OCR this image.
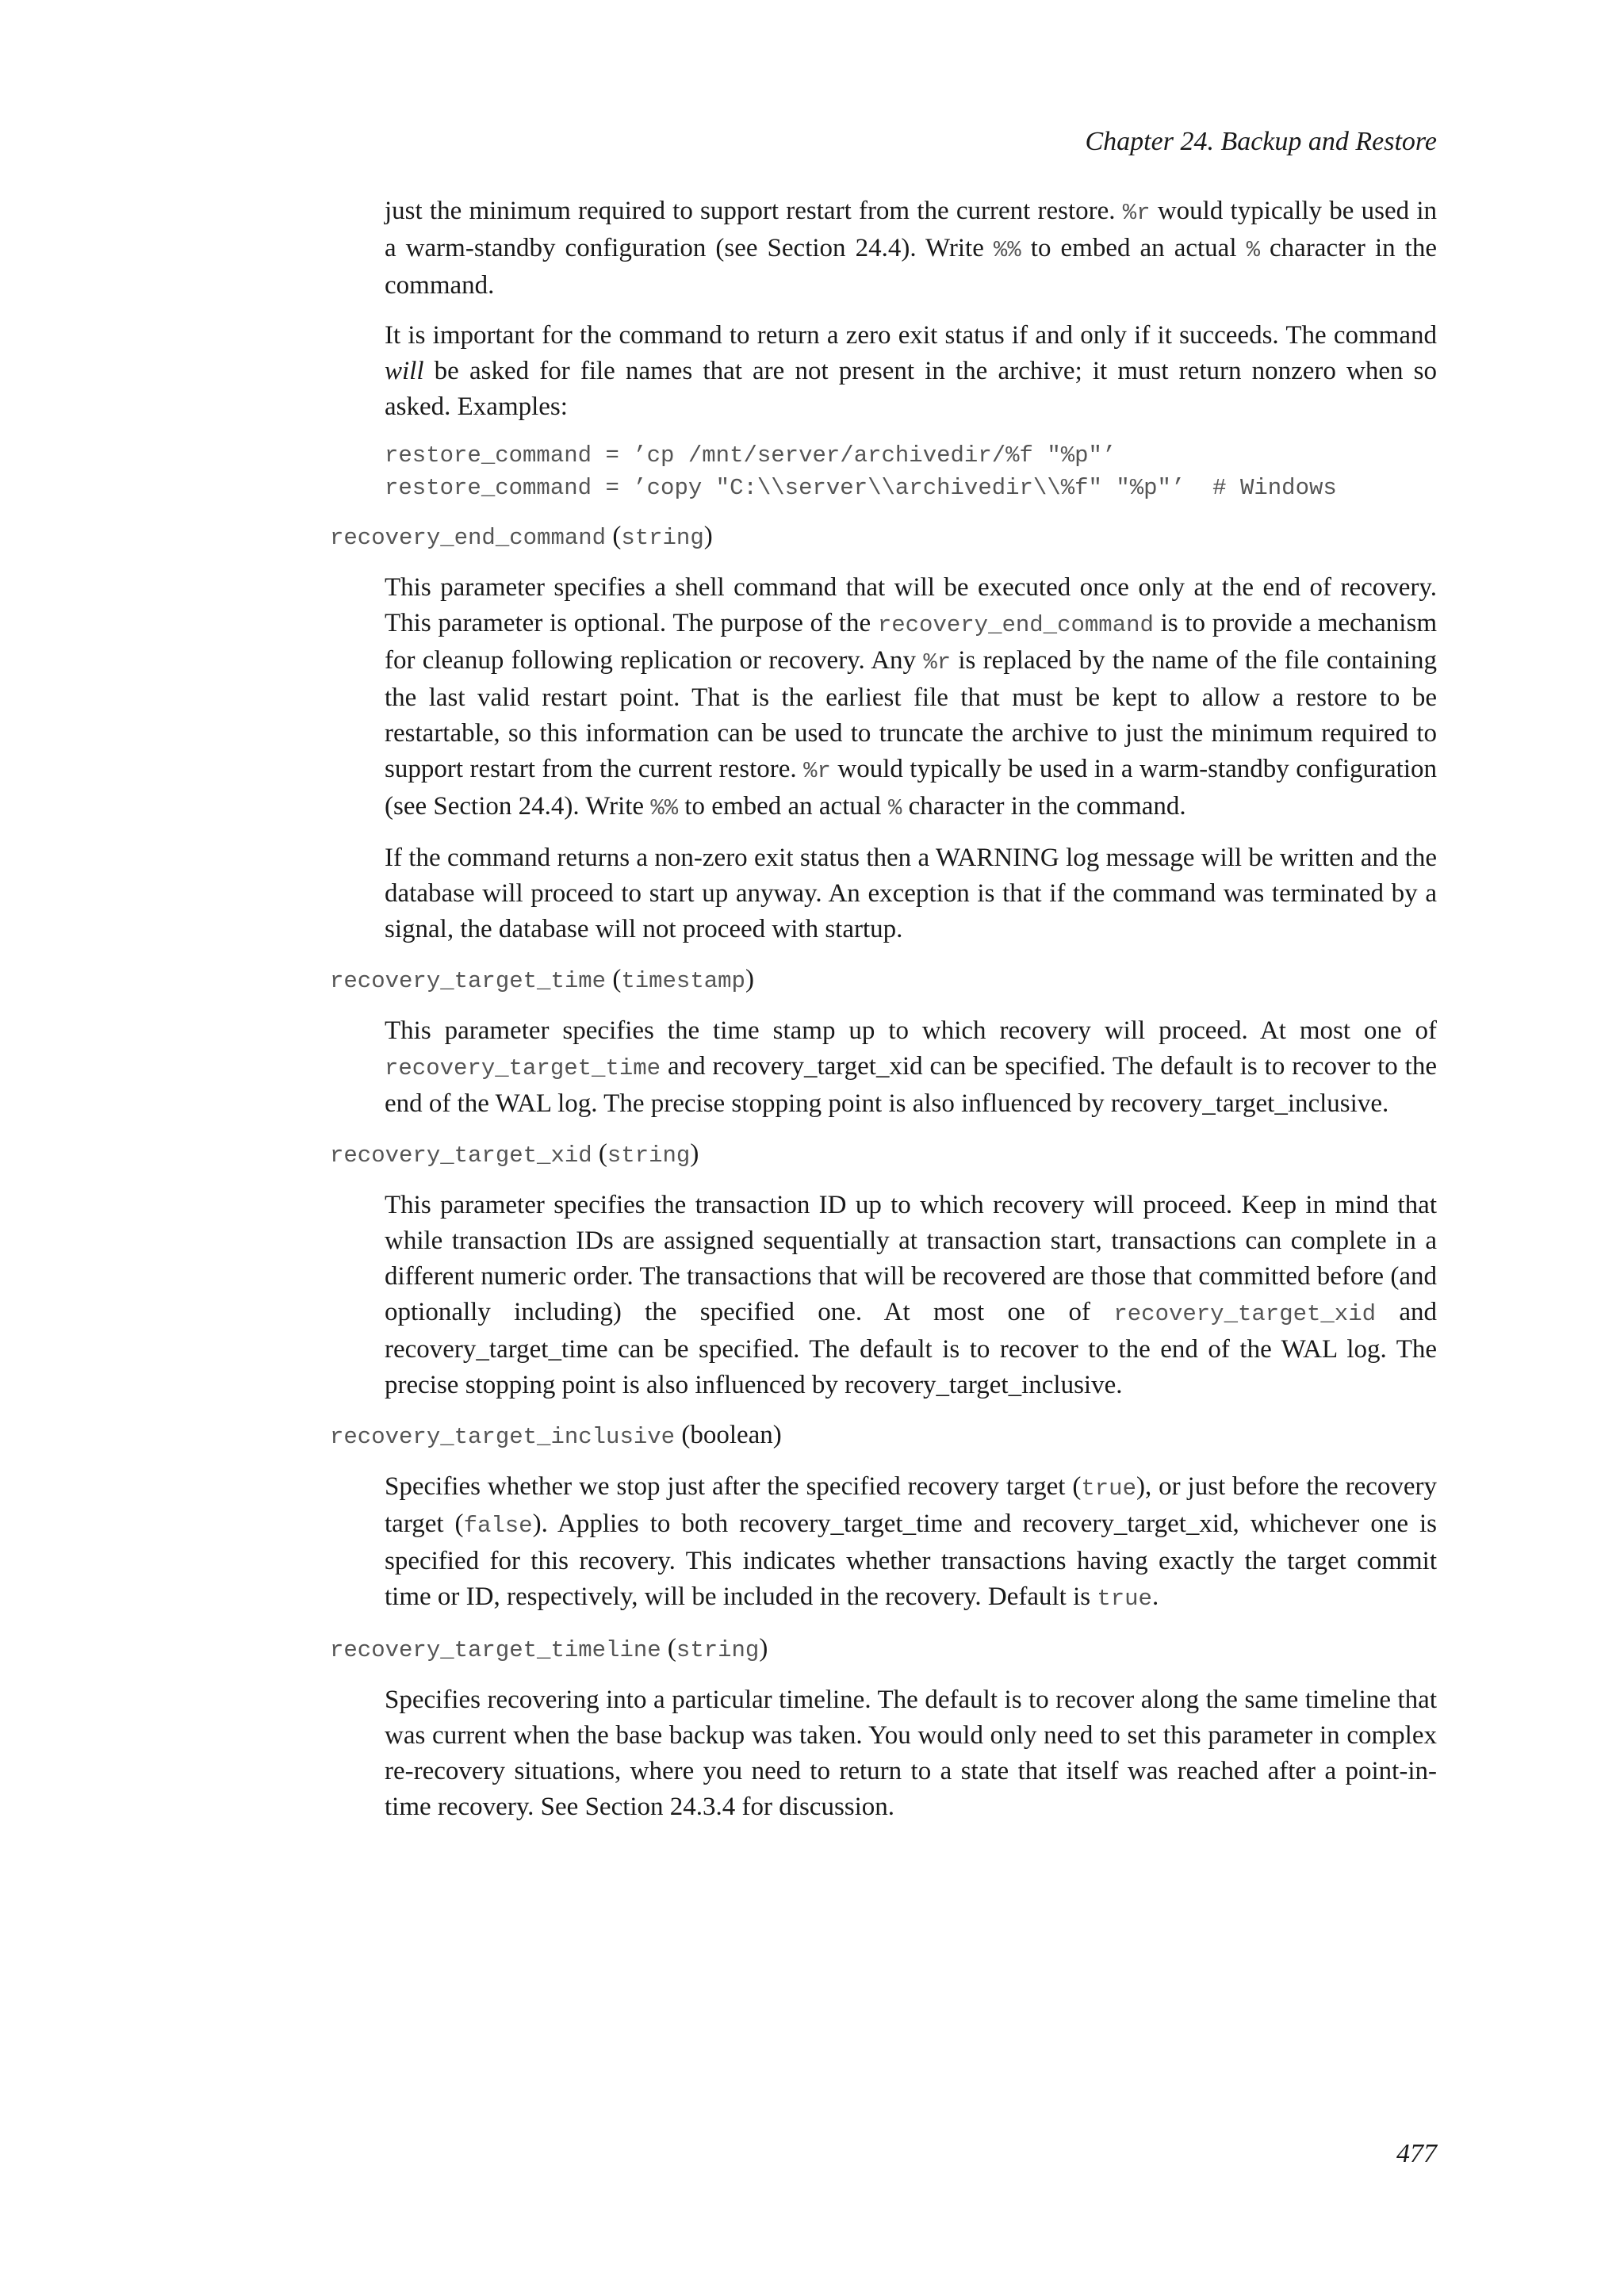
Chapter 24. Backup and Restore

just the minimum required to support restart from the current restore. %r would typically be used in a warm-standby configuration (see Section 24.4). Write %% to embed an actual % character in the command.

It is important for the command to return a zero exit status if and only if it succeeds. The command will be asked for file names that are not present in the archive; it must return nonzero when so asked. Examples:

restore_command = ’cp /mnt/server/archivedir/%f "%p"’
restore_command = ’copy "C:\\server\\archivedir\\%f" "%p"’  # Windows
recovery_end_command (string)

This parameter specifies a shell command that will be executed once only at the end of recovery. This parameter is optional. The purpose of the recovery_end_command is to provide a mechanism for cleanup following replication or recovery. Any %r is replaced by the name of the file containing the last valid restart point. That is the earliest file that must be kept to allow a restore to be restartable, so this information can be used to truncate the archive to just the minimum required to support restart from the current restore. %r would typically be used in a warm-standby configuration (see Section 24.4). Write %% to embed an actual % character in the command.

If the command returns a non-zero exit status then a WARNING log message will be written and the database will proceed to start up anyway. An exception is that if the command was terminated by a signal, the database will not proceed with startup.

recovery_target_time (timestamp)

This parameter specifies the time stamp up to which recovery will proceed. At most one of recovery_target_time and recovery_target_xid can be specified. The default is to recover to the end of the WAL log. The precise stopping point is also influenced by recovery_target_inclusive.

recovery_target_xid (string)

This parameter specifies the transaction ID up to which recovery will proceed. Keep in mind that while transaction IDs are assigned sequentially at transaction start, transactions can complete in a different numeric order. The transactions that will be recovered are those that committed before (and optionally including) the specified one. At most one of recovery_target_xid and recovery_target_time can be specified. The default is to recover to the end of the WAL log. The precise stopping point is also influenced by recovery_target_inclusive.

recovery_target_inclusive (boolean)

Specifies whether we stop just after the specified recovery target (true), or just before the recovery target (false). Applies to both recovery_target_time and recovery_target_xid, whichever one is specified for this recovery. This indicates whether transactions having exactly the target commit time or ID, respectively, will be included in the recovery. Default is true.

recovery_target_timeline (string)

Specifies recovering into a particular timeline. The default is to recover along the same timeline that was current when the base backup was taken. You would only need to set this parameter in complex re-recovery situations, where you need to return to a state that itself was reached after a point-in-time recovery. See Section 24.3.4 for discussion.

477
